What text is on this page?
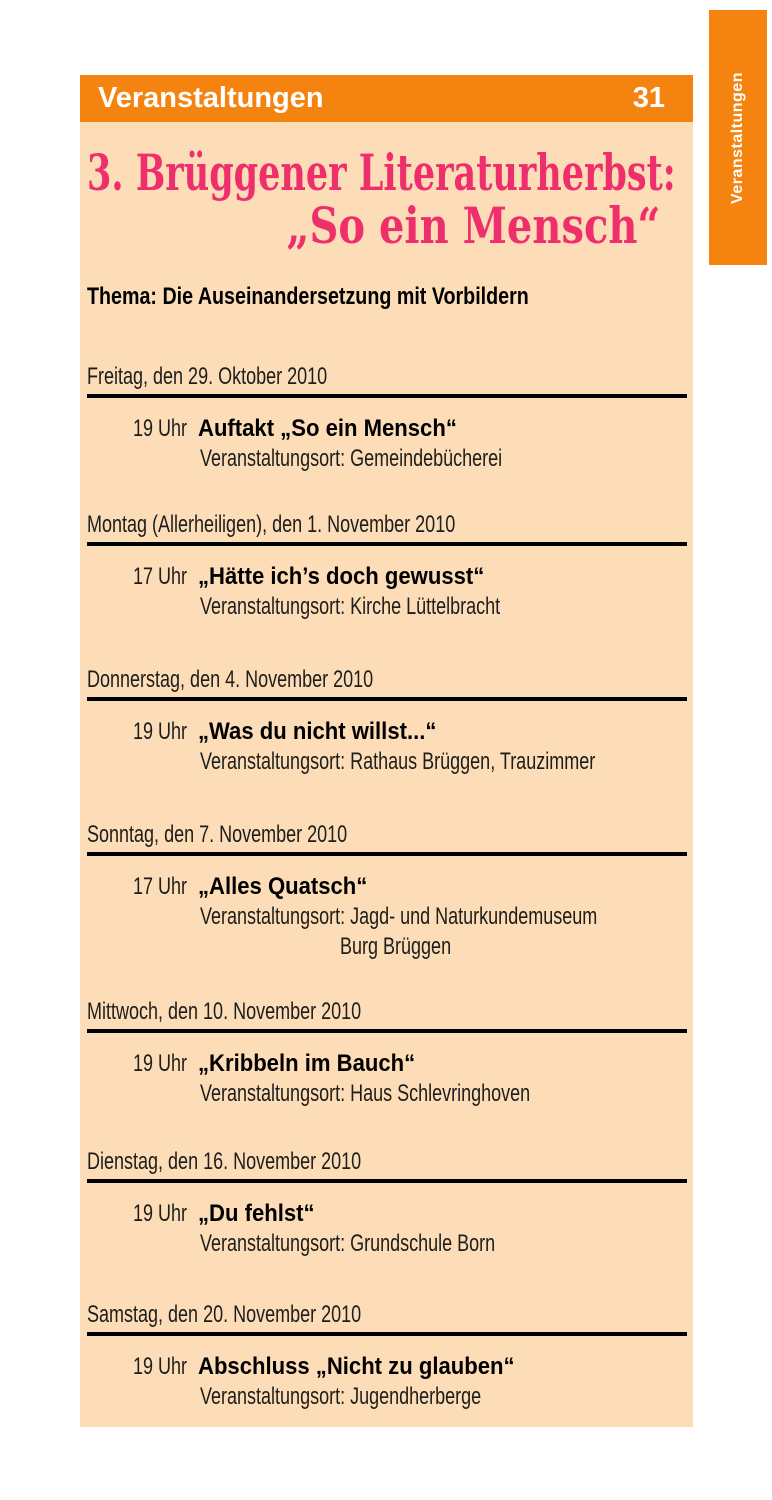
Veranstaltungen
Veranstaltungen	31
3. Brüggener Literaturherbst:
„So ein Mensch“
Thema: Die Auseinandersetzung mit Vorbildern
Freitag, den 29. Oktober 2010
19 Uhr Auftakt „So ein Mensch“
Veranstaltungsort: Gemeindebücherei
Montag (Allerheiligen), den 1. November 2010
17 Uhr „Hätte ich’s doch gewusst“
Veranstaltungsort: Kirche Lüttelbracht
Donnerstag, den 4. November 2010
19 Uhr „Was du nicht willst...“
Veranstaltungsort: Rathaus Brüggen, Trauzimmer
Sonntag, den 7. November 2010
17 Uhr „Alles Quatsch“
Veranstaltungsort: Jagd- und Naturkundemuseum
Burg Brüggen
Mittwoch, den 10. November 2010
19 Uhr „Kribbeln im Bauch“
Veranstaltungsort: Haus Schlevringhoven
Dienstag, den 16. November 2010
19 Uhr „Du fehlst“
Veranstaltungsort: Grundschule Born
Samstag, den 20. November 2010
19 Uhr Abschluss „Nicht zu glauben“
Veranstaltungsort: Jugendherberge
